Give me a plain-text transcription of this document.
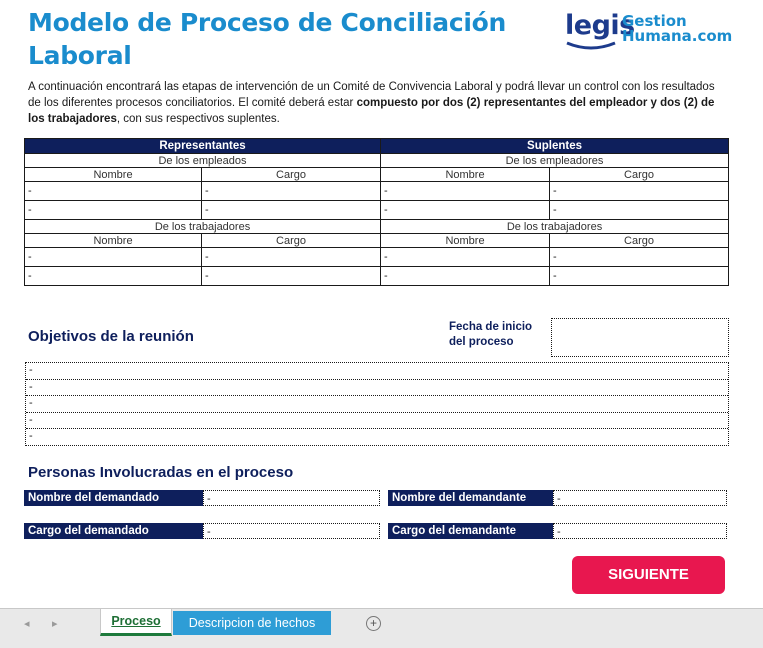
Modelo de Proceso de Conciliación Laboral
legis
Gestion
Humana.com
A continuación encontrará las etapas de intervención de un Comité de Convivencia Laboral y podrá llevar un control con los resultados de los diferentes procesos conciliatorios. El comité deberá estar compuesto por dos (2) representantes del empleador y dos (2) de los trabajadores, con sus respectivos suplentes.
Representantes		Suplentes	
De los empleados		De los empleadores	
Nombre	Cargo	Nombre	Cargo
-	-	-	-
-	-	-	-
De los trabajadores		De los trabajadores	
Nombre	Cargo	Nombre	Cargo
-	-	-	-
-	-	-	-
Objetivos de la reunión
Fecha de inicio
del proceso
-
-
-
-
-
Personas Involucradas en el proceso
Nombre del demandado	-	Nombre del demandante	-
Cargo del demandado	-	Cargo del demandante	-
SIGUIENTE
◂ ▸	Proceso	Descripcion de hechos	+
